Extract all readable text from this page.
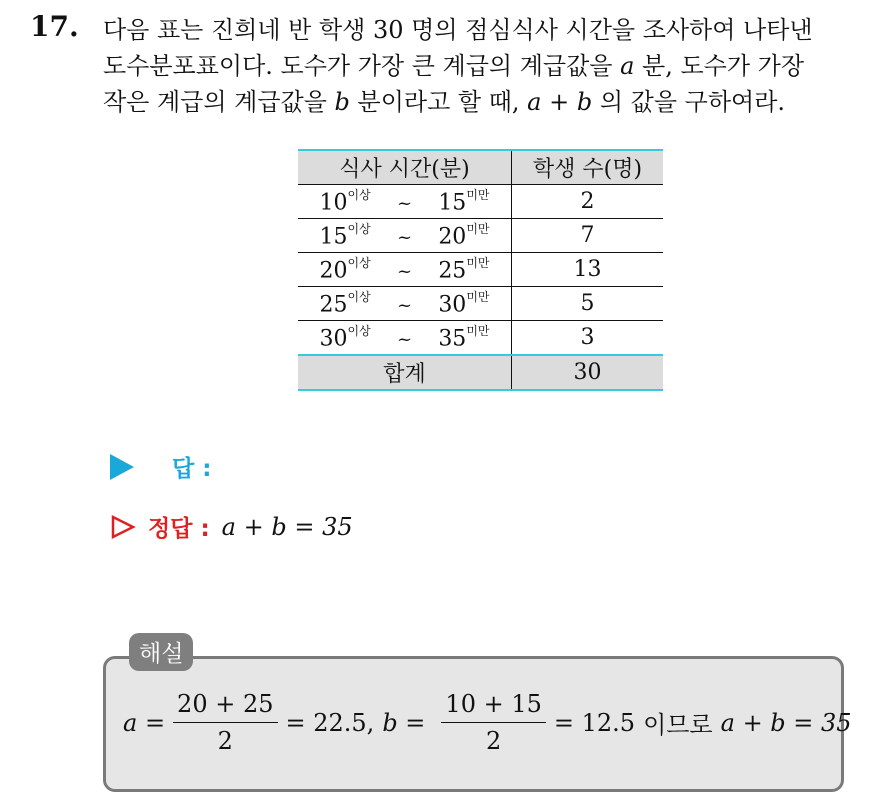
17. 다음 표는 진희네 반 학생 30 명의 점심식사 시간을 조사하여 나타낸
도수분포표이다. 도수가 가장 큰 계급의 계급값을 a 분, 도수가 가장
작은 계급의 계급값을 b 분이라고 할 때, a + b 의 값을 구하여라.
식사 시간(분)	학생 수(명)

$10^{이상}$ ~ $15^{미만}$	2

$15^{이상}$ ~ $20^{미만}$	7

$20^{이상}$ ~ $25^{미만}$	13

$25^{이상}$ ~ $30^{미만}$	5

$30^{이상}$ ~ $35^{미만}$	3
합계	30
답 :
정답 : a + b = 35
해설
$a = \frac{20 + 25}{2} = 22.5$, $b = \frac{10 + 15}{2} = 12.5$ 이므로 a + b = 35
